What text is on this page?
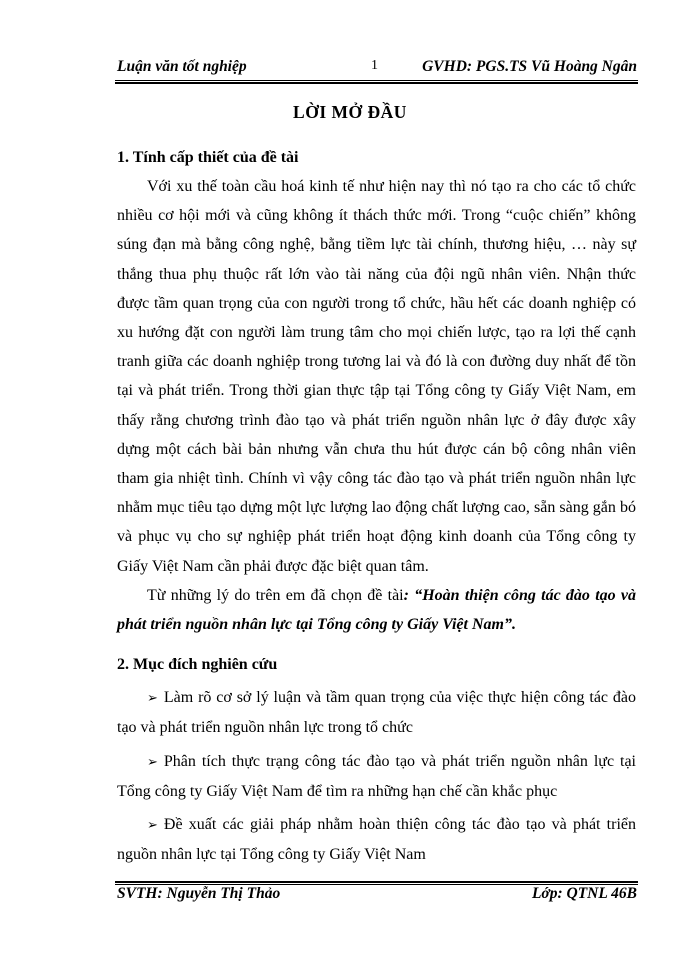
Luận văn tốt nghiệp	1	GVHD: PGS.TS Vũ Hoàng Ngân
LỜI MỞ ĐẦU

1. Tính cấp thiết của đề tài

Với xu thế toàn cầu hoá kinh tế như hiện nay thì nó tạo ra cho các tổ chức nhiều cơ hội mới và cũng không ít thách thức mới. Trong “cuộc chiến” không súng đạn mà bằng công nghệ, bằng tiềm lực tài chính, thương hiệu, … này sự thắng thua phụ thuộc rất lớn vào tài năng của đội ngũ nhân viên. Nhận thức được tầm quan trọng của con người trong tổ chức, hầu hết các doanh nghiệp có xu hướng đặt con người làm trung tâm cho mọi chiến lược, tạo ra lợi thế cạnh tranh giữa các doanh nghiệp trong tương lai và đó là con đường duy nhất để tồn tại và phát triển. Trong thời gian thực tập tại Tổng công ty Giấy Việt Nam, em thấy rằng chương trình đào tạo và phát triển nguồn nhân lực ở đây được xây dựng một cách bài bản nhưng vẫn chưa thu hút được cán bộ công nhân viên tham gia nhiệt tình. Chính vì vậy công tác đào tạo và phát triển nguồn nhân lực nhằm mục tiêu tạo dựng một lực lượng lao động chất lượng cao, sẵn sàng gắn bó và phục vụ cho sự nghiệp phát triển hoạt động kinh doanh của Tổng công ty Giấy Việt Nam cần phải được đặc biệt quan tâm.

Từ những lý do trên em đã chọn đề tài: “Hoàn thiện công tác đào tạo và phát triển nguồn nhân lực tại Tổng công ty Giấy Việt Nam”.

2. Mục đích nghiên cứu

➢ Làm rõ cơ sở lý luận và tầm quan trọng của việc thực hiện công tác đào tạo và phát triển nguồn nhân lực trong tổ chức

➢ Phân tích thực trạng công tác đào tạo và phát triển nguồn nhân lực tại Tổng công ty Giấy Việt Nam để tìm ra những hạn chế cần khắc phục

➢ Đề xuất các giải pháp nhằm hoàn thiện công tác đào tạo và phát triển nguồn nhân lực tại Tổng công ty Giấy Việt Nam

SVTH: Nguyễn Thị Thảo	Lớp: QTNL 46B
